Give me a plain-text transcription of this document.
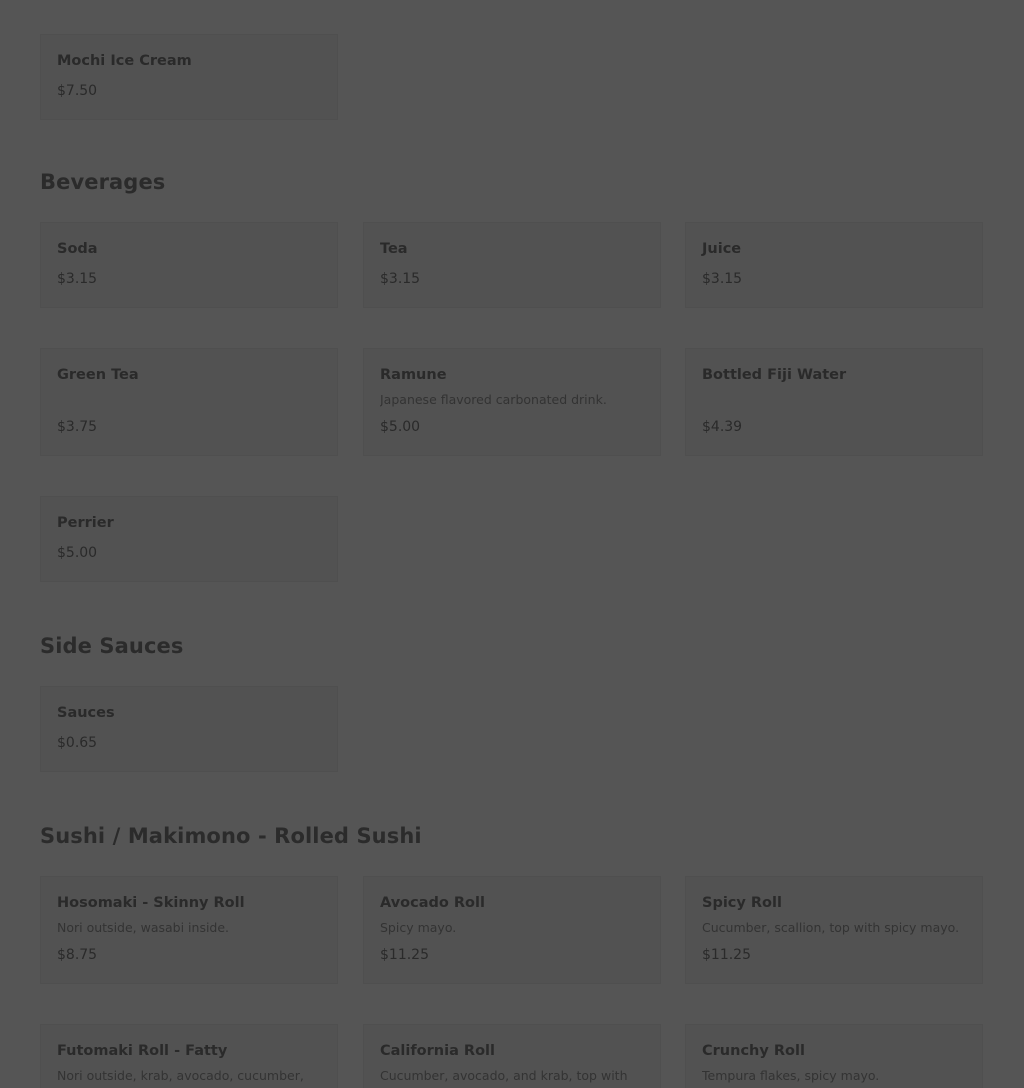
Mochi Ice Cream
$7.50
Beverages
Soda
$3.15
Tea
$3.15
Juice
$3.15
Green Tea
$3.75
Ramune
Japanese flavored carbonated drink.
$5.00
Bottled Fiji Water
$4.39
Perrier
$5.00
Side Sauces
Sauces
$0.65
Sushi / Makimono - Rolled Sushi
Hosomaki - Skinny Roll
Nori outside, wasabi inside.
$8.75
Avocado Roll
Spicy mayo.
$11.25
Spicy Roll
Cucumber, scallion, top with spicy mayo.
$11.25
Futomaki Roll - Fatty
Nori outside, krab, avocado, cucumber,
California Roll
Cucumber, avocado, and krab, top with
Crunchy Roll
Tempura flakes, spicy mayo.
